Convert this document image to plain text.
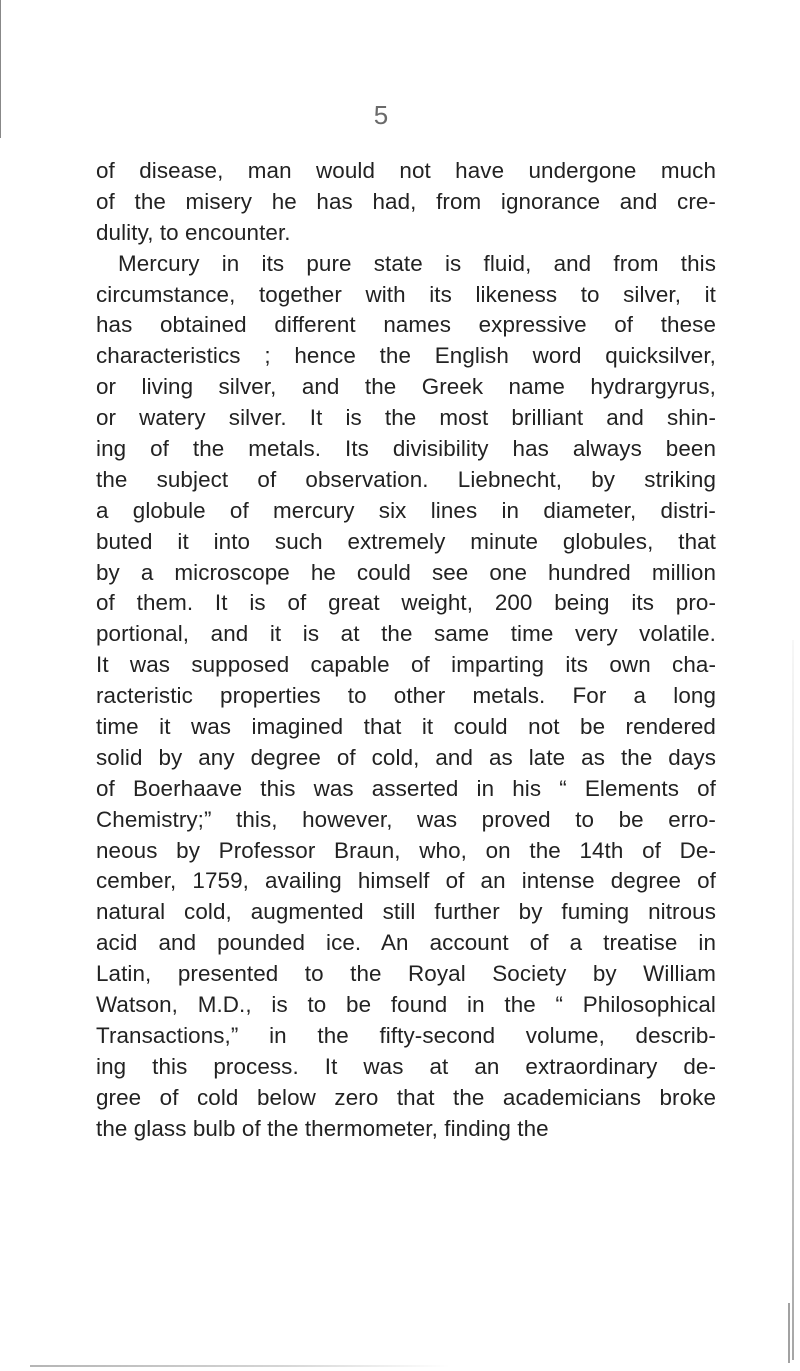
5
of disease, man would not have undergone much
of the misery he has had, from ignorance and cre-
dulity, to encounter.
Mercury in its pure state is fluid, and from this
circumstance, together with its likeness to silver, it
has obtained different names expressive of these
characteristics ; hence the English word quicksilver,
or living silver, and the Greek name hydrargyrus,
or watery silver. It is the most brilliant and shin-
ing of the metals. Its divisibility has always been
the subject of observation. Liebnecht, by striking
a globule of mercury six lines in diameter, distri-
buted it into such extremely minute globules, that
by a microscope he could see one hundred million
of them. It is of great weight, 200 being its pro-
portional, and it is at the same time very volatile.
It was supposed capable of imparting its own cha-
racteristic properties to other metals. For a long
time it was imagined that it could not be rendered
solid by any degree of cold, and as late as the days
of Boerhaave this was asserted in his “ Elements of
Chemistry;” this, however, was proved to be erro-
neous by Professor Braun, who, on the 14th of De-
cember, 1759, availing himself of an intense degree of
natural cold, augmented still further by fuming nitrous
acid and pounded ice. An account of a treatise in
Latin, presented to the Royal Society by William
Watson, M.D., is to be found in the “ Philosophical
Transactions,” in the fifty-second volume, describ-
ing this process. It was at an extraordinary de-
gree of cold below zero that the academicians broke
the glass bulb of the thermometer, finding the
